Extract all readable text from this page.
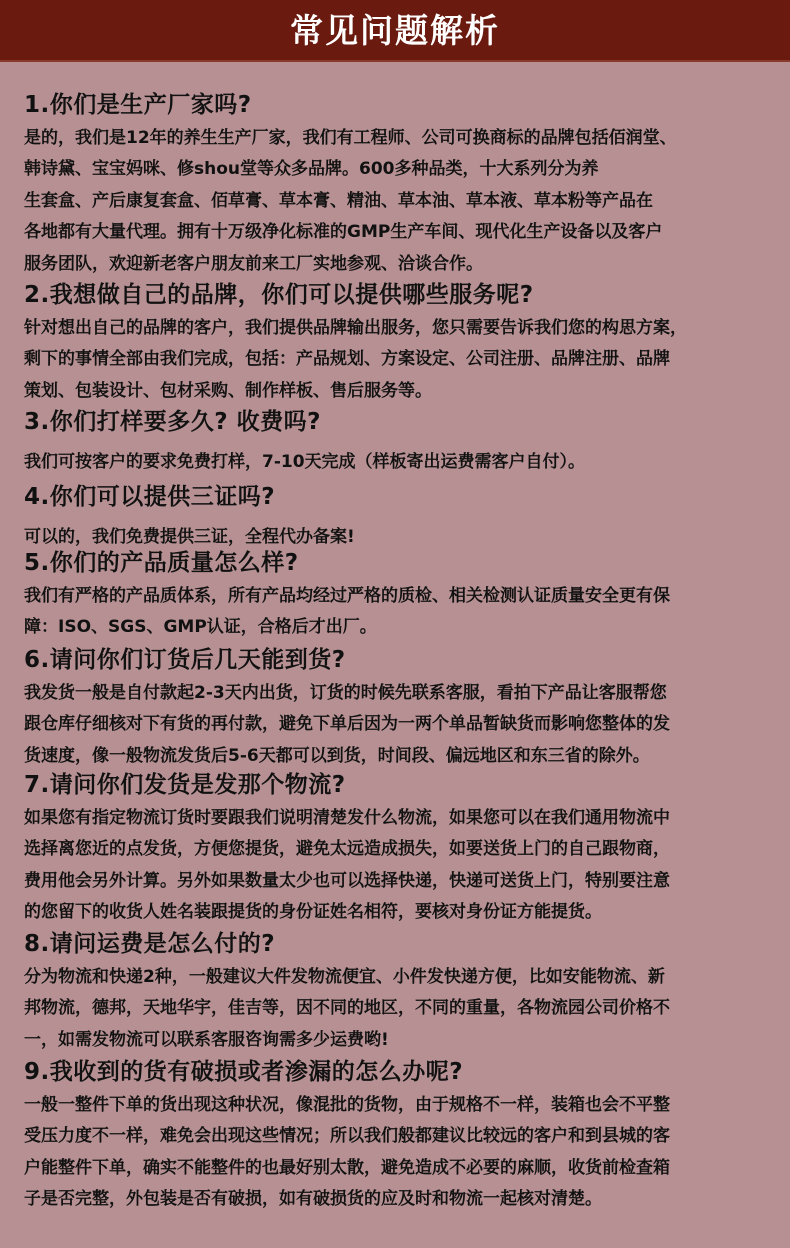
常见问题解析

1.你们是生产厂家吗?

是的，我们是12年的养生生产厂家，我们有工程师、公司可换商标的品牌包括佰润堂、
韩诗黛、宝宝妈咪、修shou堂等众多品牌。600多种品类，十大系列分为养
生套盒、产后康复套盒、佰草膏、草本膏、精油、草本油、草本液、草本粉等产品在
各地都有大量代理。拥有十万级净化标准的GMP生产车间、现代化生产设备以及客户
服务团队，欢迎新老客户朋友前来工厂实地参观、洽谈合作。

2.我想做自己的品牌，你们可以提供哪些服务呢?

针对想出自己的品牌的客户，我们提供品牌输出服务，您只需要告诉我们您的构思方案，
剩下的事情全部由我们完成，包括：产品规划、方案设定、公司注册、品牌注册、品牌
策划、包装设计、包材采购、制作样板、售后服务等。

3.你们打样要多久? 收费吗?

我们可按客户的要求免费打样，7-10天完成（样板寄出运费需客户自付）。

4.你们可以提供三证吗?

可以的，我们免费提供三证，全程代办备案!

5.你们的产品质量怎么样?

我们有严格的产品质体系，所有产品均经过严格的质检、相关检测认证质量安全更有保
障：ISO、SGS、GMP认证，合格后才出厂。

6.请问你们订货后几天能到货?

我发货一般是自付款起2-3天内出货，订货的时候先联系客服，看拍下产品让客服帮您
跟仓库仔细核对下有货的再付款，避免下单后因为一两个单品暂缺货而影响您整体的发
货速度，像一般物流发货后5-6天都可以到货，时间段、偏远地区和东三省的除外。

7.请问你们发货是发那个物流?

如果您有指定物流订货时要跟我们说明清楚发什么物流，如果您可以在我们通用物流中
选择离您近的点发货，方便您提货，避免太远造成损失，如要送货上门的自己跟物商，
费用他会另外计算。另外如果数量太少也可以选择快递，快递可送货上门，特别要注意
的您留下的收货人姓名装跟提货的身份证姓名相符，要核对身份证方能提货。

8.请问运费是怎么付的?

分为物流和快递2种，一般建议大件发物流便宜、小件发快递方便，比如安能物流、新
邦物流，德邦，天地华宇，佳吉等，因不同的地区，不同的重量，各物流园公司价格不
一，如需发物流可以联系客服咨询需多少运费哟!

9.我收到的货有破损或者渗漏的怎么办呢?

一般一整件下单的货出现这种状况，像混批的货物，由于规格不一样，装箱也会不平整
受压力度不一样，难免会出现这些情况；所以我们般都建议比较远的客户和到县城的客
户能整件下单，确实不能整件的也最好别太散，避免造成不必要的麻顺，收货前检查箱
子是否完整，外包装是否有破损，如有破损货的应及时和物流一起核对清楚。
